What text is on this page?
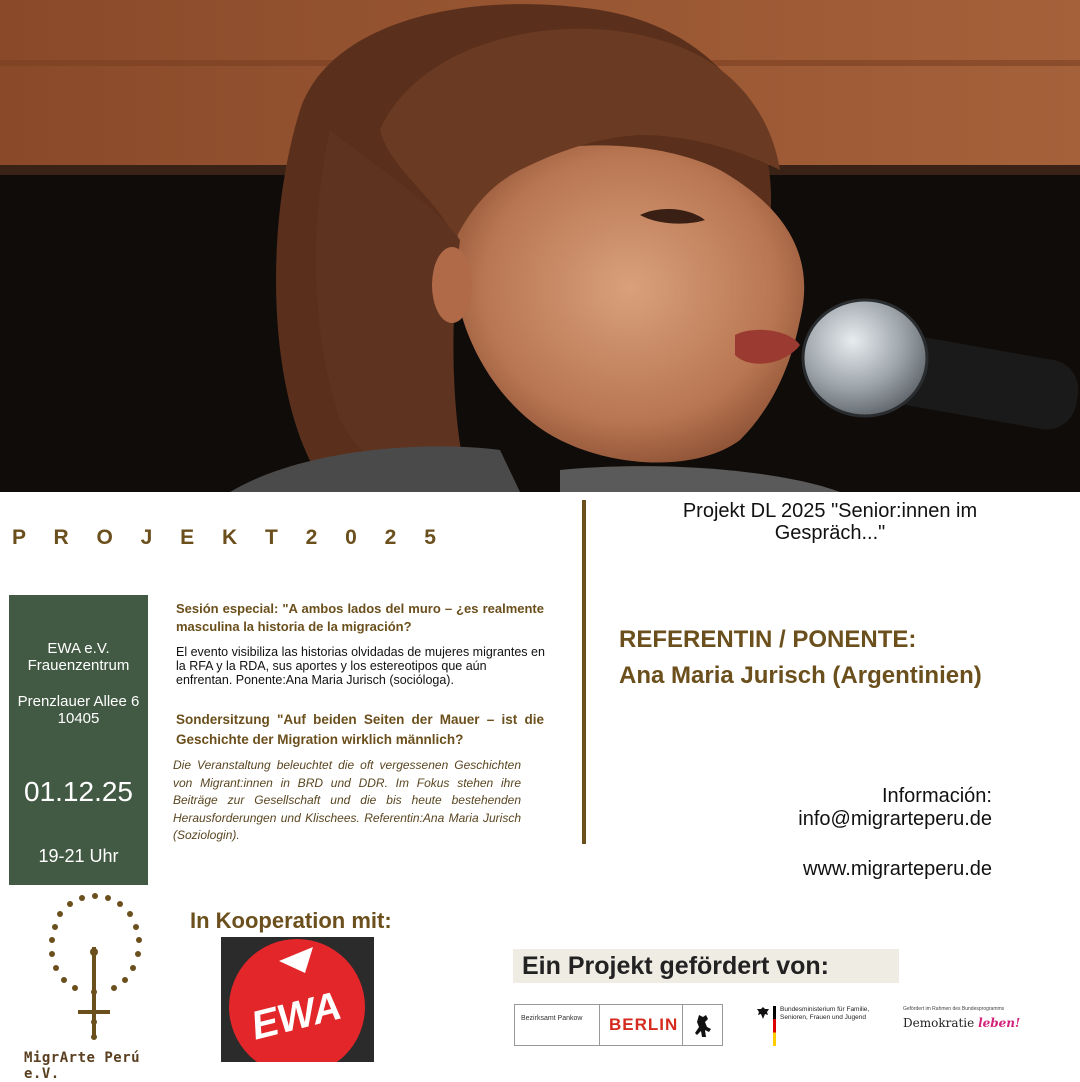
P R O J E K T 2 0 2 5
Projekt DL 2025 "Senior:innen im Gespräch..."
EWA e.V. Frauenzentrum
Prenzlauer Allee 6 10405
01.12.25
19-21 Uhr
Sesión especial: "A ambos lados del muro – ¿es realmente masculina la historia de la migración?
El evento visibiliza las historias olvidadas de mujeres migrantes en la RFA y la RDA, sus aportes y los estereotipos que aún enfrentan. Ponente:Ana Maria Jurisch (socióloga).
Sondersitzung "Auf beiden Seiten der Mauer – ist die Geschichte der Migration wirklich männlich?
Die Veranstaltung beleuchtet die oft vergessenen Geschichten von Migrant:innen in BRD und DDR. Im Fokus stehen ihre Beiträge zur Gesellschaft und die bis heute bestehenden Herausforderungen und Klischees. Referentin:Ana Maria Jurisch (Soziologin).
REFERENTIN / PONENTE:
Ana Maria Jurisch (Argentinien)
Información:
info@migrarteperu.de
www.migrarteperu.de
MigrArte Perú e.V.
In Kooperation mit:
EWA
Ein Projekt gefördert von:
Bezirksamt Pankow BERLIN
Bundesministerium für Familie, Senioren, Frauen und Jugend
Gefördert im Rahmen des Bundesprogramms
Demokratie leben!
